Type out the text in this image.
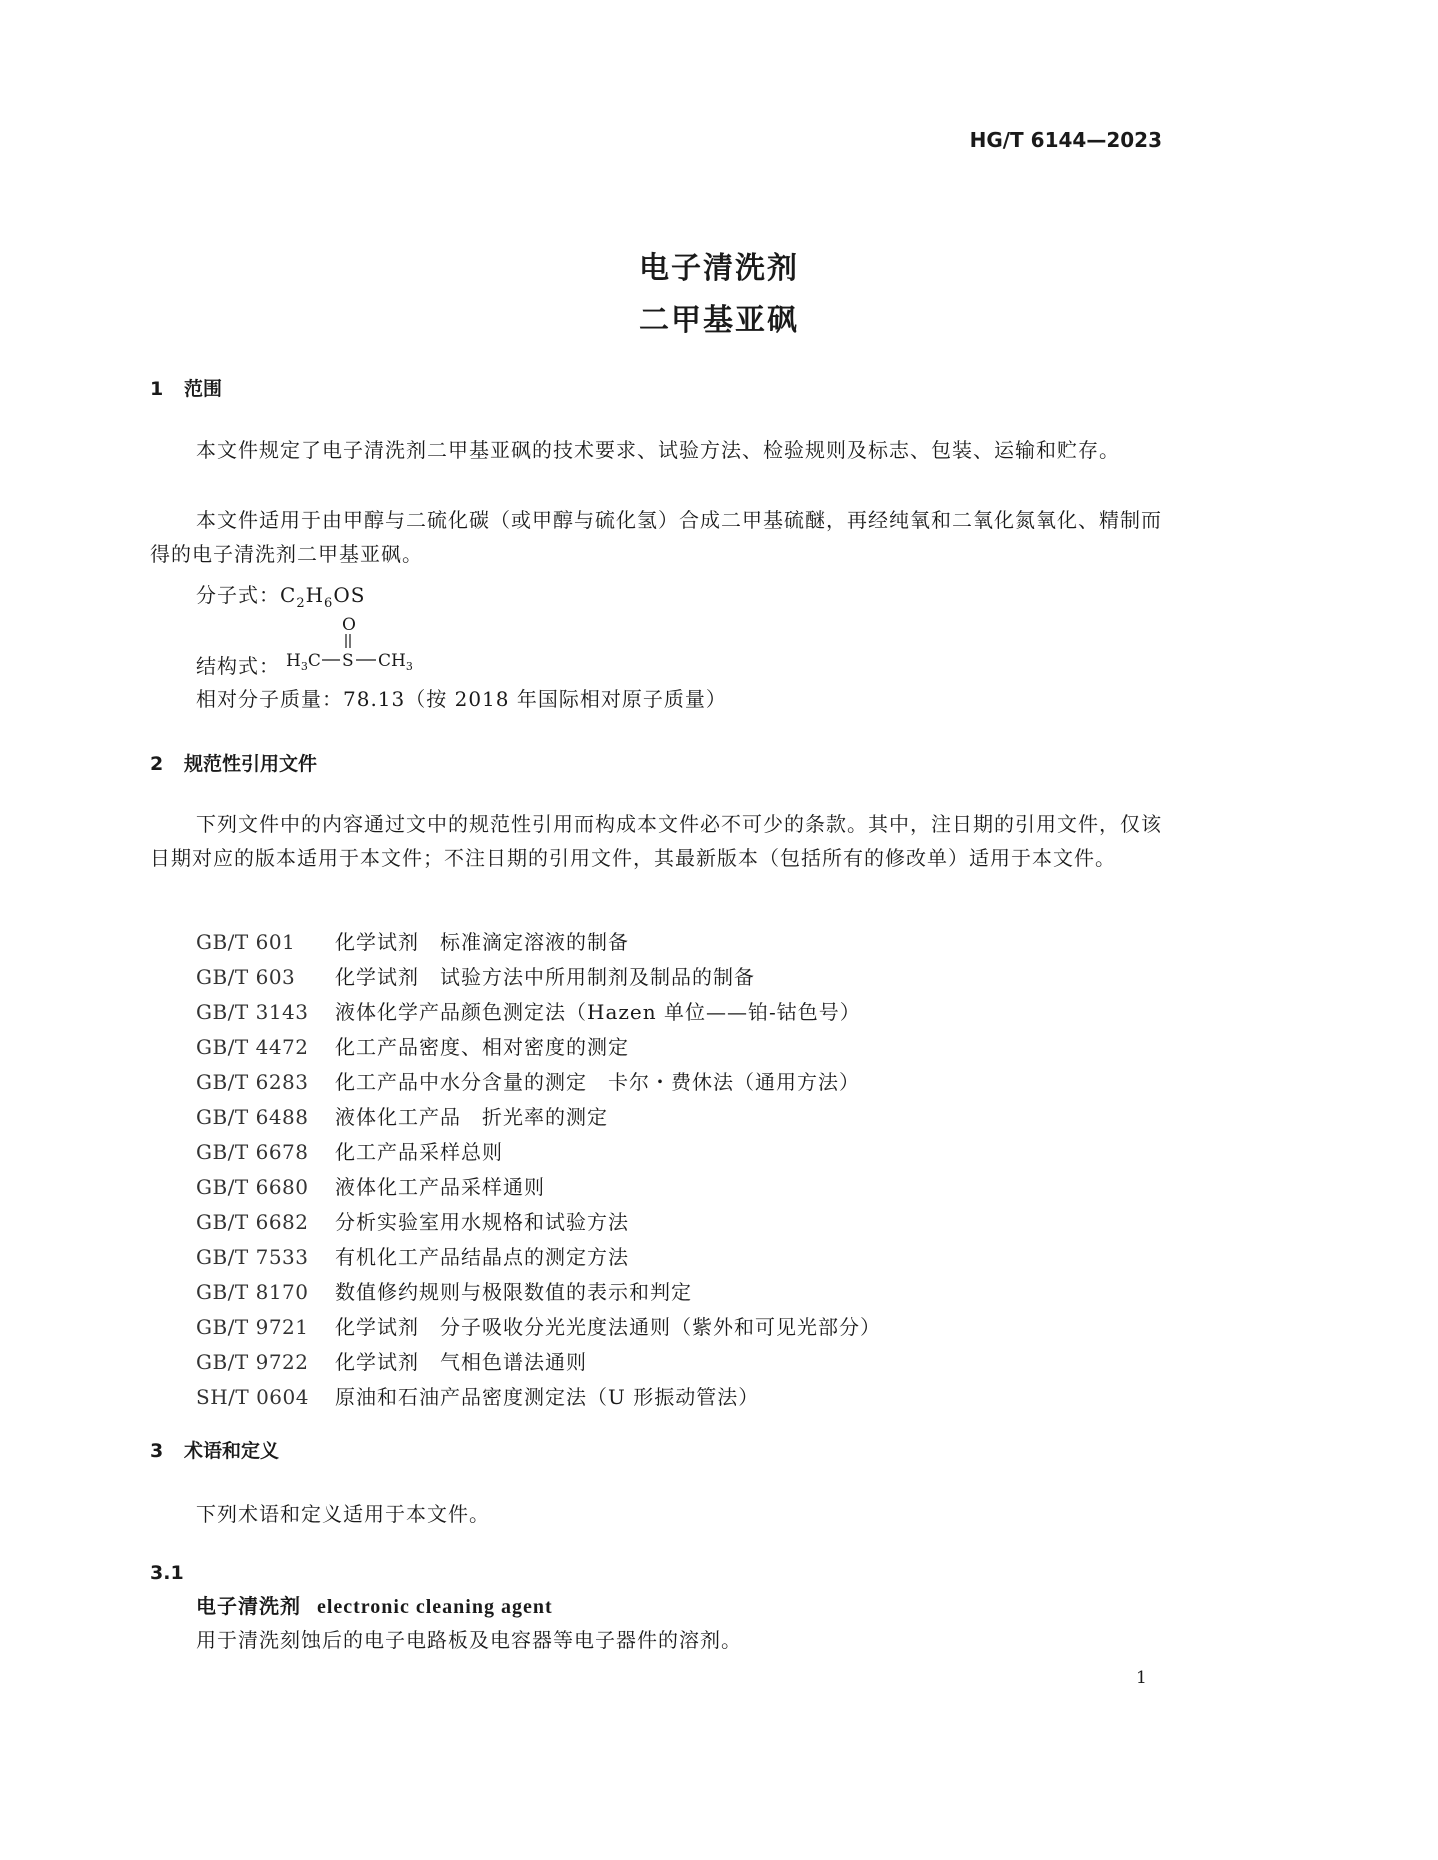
HG/T 6144—2023
电子清洗剂
二甲基亚砜
1 范围
本文件规定了电子清洗剂二甲基亚砜的技术要求、试验方法、检验规则及标志、包装、运输和贮存。
本文件适用于由甲醇与二硫化碳（或甲醇与硫化氢）合成二甲基硫醚，再经纯氧和二氧化氮氧化、精制而得的电子清洗剂二甲基亚砜。
分子式：$C_2H_6OS$
结构式：
O
$H_3C$ S $CH_3$
相对分子质量：78.13（按 2018 年国际相对原子质量）
2 规范性引用文件
下列文件中的内容通过文中的规范性引用而构成本文件必不可少的条款。其中，注日期的引用文件，仅该日期对应的版本适用于本文件；不注日期的引用文件，其最新版本（包括所有的修改单）适用于本文件。
GB/T 601 化学试剂　标准滴定溶液的制备
GB/T 603 化学试剂　试验方法中所用制剂及制品的制备
GB/T 3143 液体化学产品颜色测定法（Hazen 单位——铂-钴色号）
GB/T 4472 化工产品密度、相对密度的测定
GB/T 6283 化工产品中水分含量的测定　卡尔・费休法（通用方法）
GB/T 6488 液体化工产品　折光率的测定
GB/T 6678 化工产品采样总则
GB/T 6680 液体化工产品采样通则
GB/T 6682 分析实验室用水规格和试验方法
GB/T 7533 有机化工产品结晶点的测定方法
GB/T 8170 数值修约规则与极限数值的表示和判定
GB/T 9721 化学试剂　分子吸收分光光度法通则（紫外和可见光部分）
GB/T 9722 化学试剂　气相色谱法通则
SH/T 0604 原油和石油产品密度测定法（U 形振动管法）
3 术语和定义
下列术语和定义适用于本文件。
3.1
电子清洗剂 electronic cleaning agent
用于清洗刻蚀后的电子电路板及电容器等电子器件的溶剂。
1
